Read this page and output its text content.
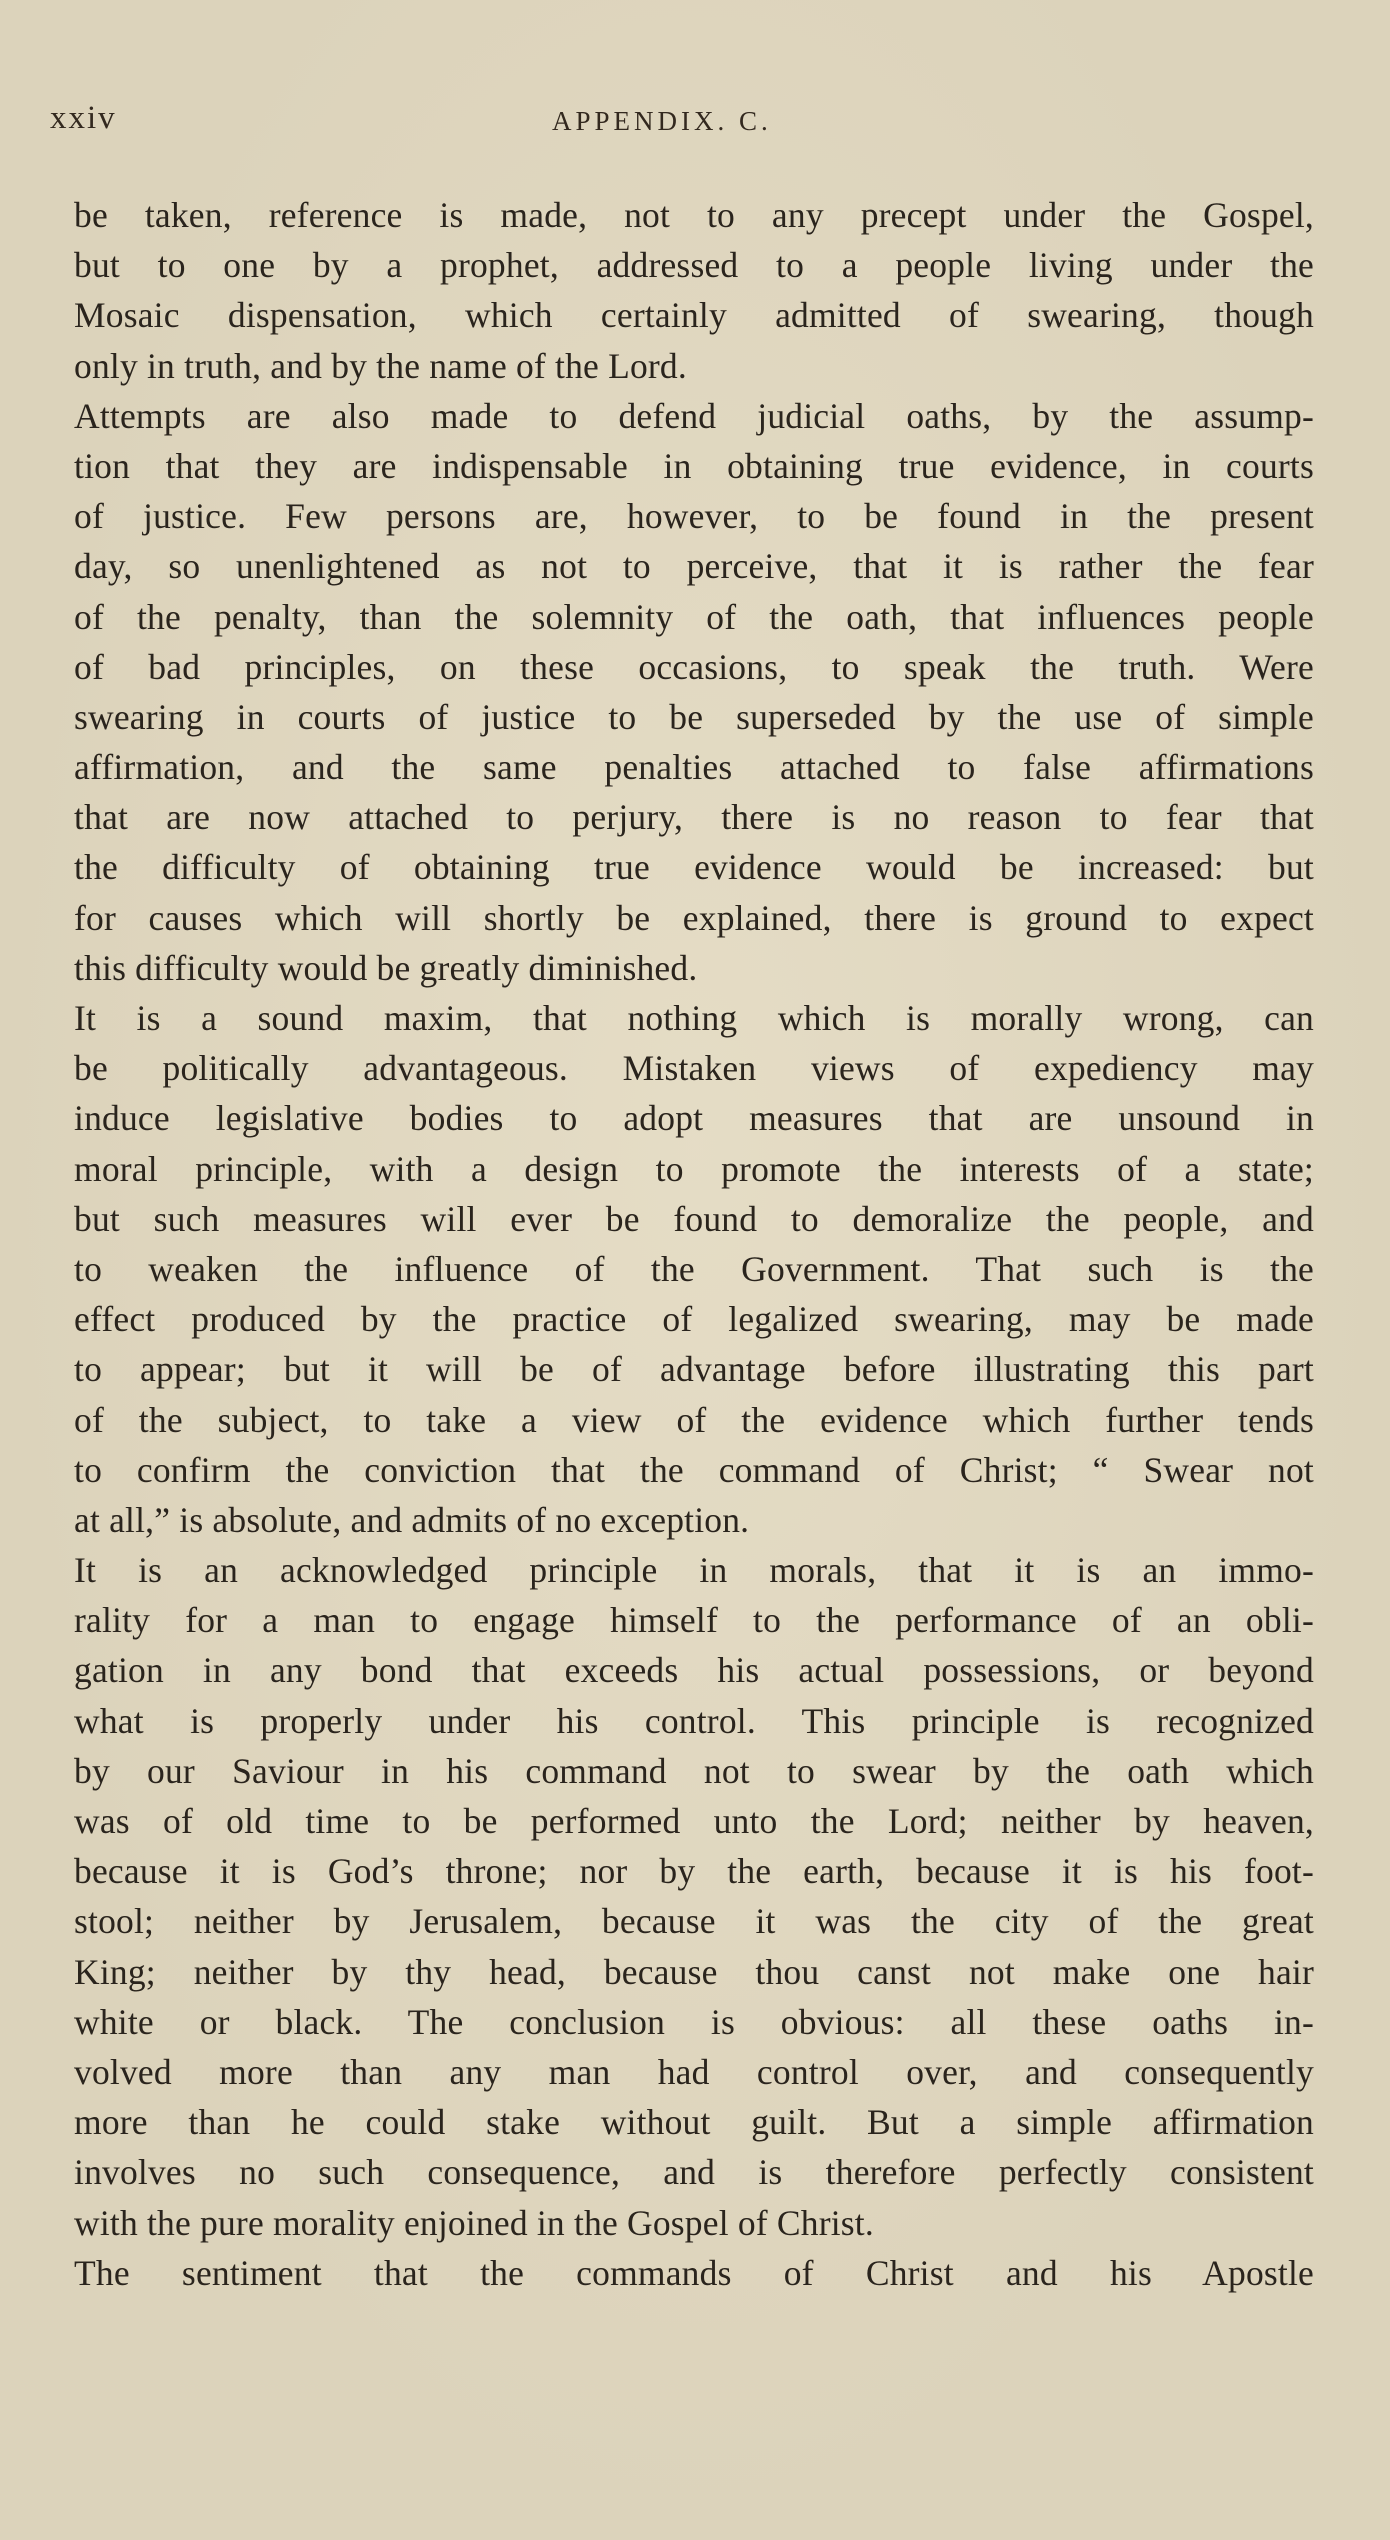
xxiv	APPENDIX. C.
be taken, reference is made, not to any precept under the Gospel,
but to one by a prophet, addressed to a people living under the
Mosaic dispensation, which certainly admitted of swearing, though
only in truth, and by the name of the Lord.
Attempts are also made to defend judicial oaths, by the assump-
tion that they are indispensable in obtaining true evidence, in courts
of justice. Few persons are, however, to be found in the present
day, so unenlightened as not to perceive, that it is rather the fear
of the penalty, than the solemnity of the oath, that influences people
of bad principles, on these occasions, to speak the truth. Were
swearing in courts of justice to be superseded by the use of simple
affirmation, and the same penalties attached to false affirmations
that are now attached to perjury, there is no reason to fear that
the difficulty of obtaining true evidence would be increased: but
for causes which will shortly be explained, there is ground to expect
this difficulty would be greatly diminished.
It is a sound maxim, that nothing which is morally wrong, can
be politically advantageous. Mistaken views of expediency may
induce legislative bodies to adopt measures that are unsound in
moral principle, with a design to promote the interests of a state;
but such measures will ever be found to demoralize the people, and
to weaken the influence of the Government. That such is the
effect produced by the practice of legalized swearing, may be made
to appear; but it will be of advantage before illustrating this part
of the subject, to take a view of the evidence which further tends
to confirm the conviction that the command of Christ; “ Swear not
at all,” is absolute, and admits of no exception.
It is an acknowledged principle in morals, that it is an immo-
rality for a man to engage himself to the performance of an obli-
gation in any bond that exceeds his actual possessions, or beyond
what is properly under his control. This principle is recognized
by our Saviour in his command not to swear by the oath which
was of old time to be performed unto the Lord; neither by heaven,
because it is God’s throne; nor by the earth, because it is his foot-
stool; neither by Jerusalem, because it was the city of the great
King; neither by thy head, because thou canst not make one hair
white or black. The conclusion is obvious: all these oaths in-
volved more than any man had control over, and consequently
more than he could stake without guilt. But a simple affirmation
involves no such consequence, and is therefore perfectly consistent
with the pure morality enjoined in the Gospel of Christ.
The sentiment that the commands of Christ and his Apostle
